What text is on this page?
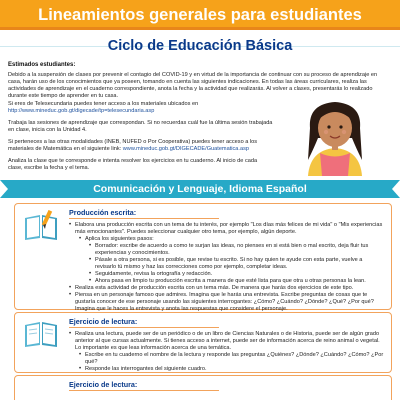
Lineamientos generales para estudiantes
Ciclo de Educación Básica
Estimados estudiantes:
Debido a la suspensión de clases por prevenir el contagio del COVID-19 y en virtud de la importancia de continuar con su proceso de aprendizaje en casa, harán uso de los conocimientos que ya poseen, tomando en cuenta las siguientes indicaciones. En todas las áreas curriculares, realiza las actividades de aprendizaje en el cuaderno correspondiente, anota la fecha y la actividad que realizarás. Al volver a clases, presentarás lo realizado durante este tiempo de aprender en tu casa.

Si eres de Telesecundaria puedes tener acceso a los materiales ubicados en
http://www.mineduc.gob.gt/digecade/tp=telesecundaria.asp

Trabaja las sesiones de aprendizaje que correspondan. Si no recuerdas cuál fue la última sesión trabajada en clase, inicia con la Unidad 4.

Si perteneces a las otras modalidades (INEB, NUFED o Por Cooperativa) puedes tener acceso a los materiales de Matemática en el siguiente link: www.mineduc.gob.gt/DIGECADE/Guatematica.asp

Analiza la clase que te corresponde e intenta resolver los ejercicios en tu cuaderno. Al inicio de cada clase, escribe la fecha y el tema.

Comunicación y Lenguaje, Idioma Español
Producción escrita:
• Elabora una producción escrita con un tema de tu interés, por ejemplo "Los días más felices de mi vida" o "Mis experiencias más emocionantes". Puedes seleccionar cualquier otro tema, por ejemplo, algún deporte.
• Aplica los siguientes pasos:
• Borrador: escribe de acuerdo a como te surjan las ideas, no pienses en si está bien o mal escrito, deja fluir tus experiencias y conocimientos.
• Pásale a otra persona, si es posible, que revise tu escrito. Si no hay quien te ayude con esta parte, vuelve a revisarlo tú mismo y haz las correcciones como por ejemplo, completar ideas.
• Seguidamente, revisa la ortografía y redacción.
• Ahora pasa en limpio tu producción escrita a manera de que esté lista para que otra u otras personas la lean.
• Realiza esta actividad de producción escrita con un tema más. De manera que harás dos ejercicios de este tipo.
• Piensa en un personaje famoso que admires. Imagina que le harás una entrevista. Escribe preguntas de cosas que te gustaría conocer de ese personaje usando las siguientes interrogantes: ¿Cómo? ¿Cuándo? ¿Dónde? ¿Qué? ¿Por qué? Imagina que le haces la entrevista y anota las respuestas que considere el personaje.
Ejercicio de lectura:
• Realiza una lectura, puede ser de un periódico o de un libro de Ciencias Naturales o de Historia, puede ser de algún grado anterior al que cursas actualmente. Si tienes acceso a internet, puede ser de información acerca de reino animal o vegetal. Lo importante es que leas información acerca de una temática.
• Escribe en tu cuaderno el nombre de la lectura y responde las preguntas ¿Quiénes? ¿Dónde? ¿Cuándo? ¿Cómo? ¿Por qué?
• Responde las interrogantes del siguiente cuadro.
Ejercicio de lectura:
